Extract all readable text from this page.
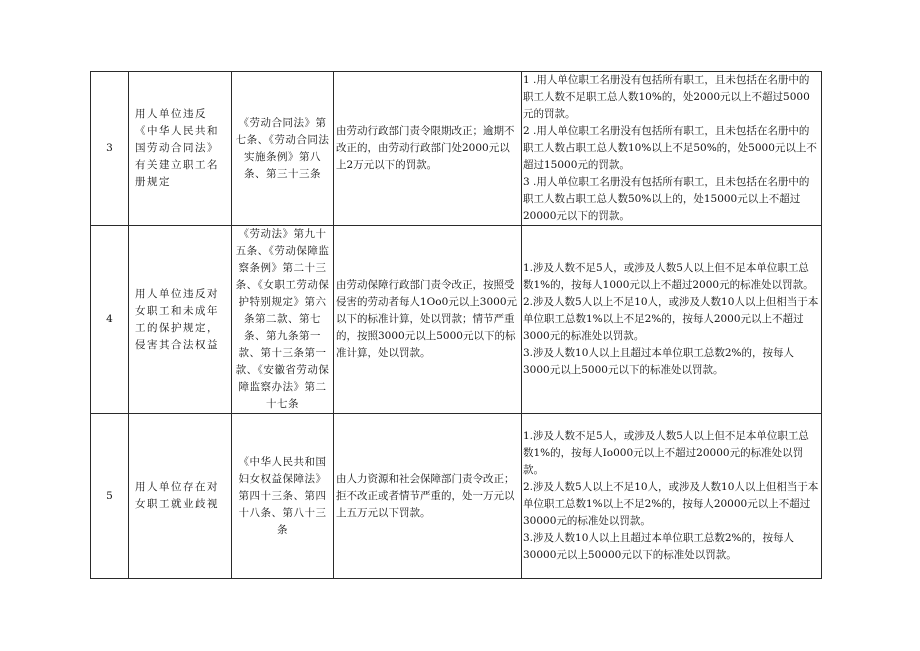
3	用人单位违反《中华人民共和国劳动合同法》有关建立职工名册规定	《劳动合同法》第七条、《劳动合同法实施条例》第八条、第三十三条	由劳动行政部门责令限期改正；逾期不改正的，由劳动行政部门处2000元以上2万元以下的罚款。	1 .用人单位职工名册没有包括所有职工，且未包括在名册中的职工人数不足职工总人数10%的，处2000元以上不超过5000元的罚款。
2 .用人单位职工名册没有包括所有职工，且未包括在名册中的职工人数占职工总人数10%以上不足50%的，处5000元以上不超过15000元的罚款。
3 .用人单位职工名册没有包括所有职工，且未包括在名册中的职工人数占职工总人数50%以上的，处15000元以上不超过20000元以下的罚款。

4	用人单位违反对女职工和未成年工的保护规定，侵害其合法权益	《劳动法》第九十五条、《劳动保障监察条例》第二十三条、《女职工劳动保护特别规定》第六条第二款、第七条、第九条第一款、第十三条第一款、《安徽省劳动保障监察办法》第二十七条	由劳动保障行政部门责令改正，按照受侵害的劳动者每人1Oo0元以上3000元以下的标准计算，处以罚款；情节严重的，按照3000元以上5000元以下的标准计算，处以罚款。	1.涉及人数不足5人，或涉及人数5人以上但不足本单位职工总数1%的，按每人1000元以上不超过2000元的标准处以罚款。
2.涉及人数5人以上不足10人，或涉及人数10人以上但相当于本单位职工总数1%以上不足2%的，按每人2000元以上不超过3000元的标准处以罚款。
3.涉及人数10人以上且超过本单位职工总数2%的，按每人3000元以上5000元以下的标准处以罚款。

5	用人单位存在对女职工就业歧视	《中华人民共和国妇女权益保障法》第四十三条、第四十八条、第八十三条	由人力资源和社会保障部门责令改正；拒不改正或者情节严重的，处一万元以上五万元以下罚款。	1.涉及人数不足5人，或涉及人数5人以上但不足本单位职工总数1%的，按每人Io000元以上不超过20000元的标准处以罚款。
2.涉及人数5人以上不足10人，或涉及人数10人以上但相当于本单位职工总数1%以上不足2%的，按每人20000元以上不超过30000元的标准处以罚款。
3.涉及人数10人以上且超过本单位职工总数2%的，按每人30000元以上50000元以下的标准处以罚款。
